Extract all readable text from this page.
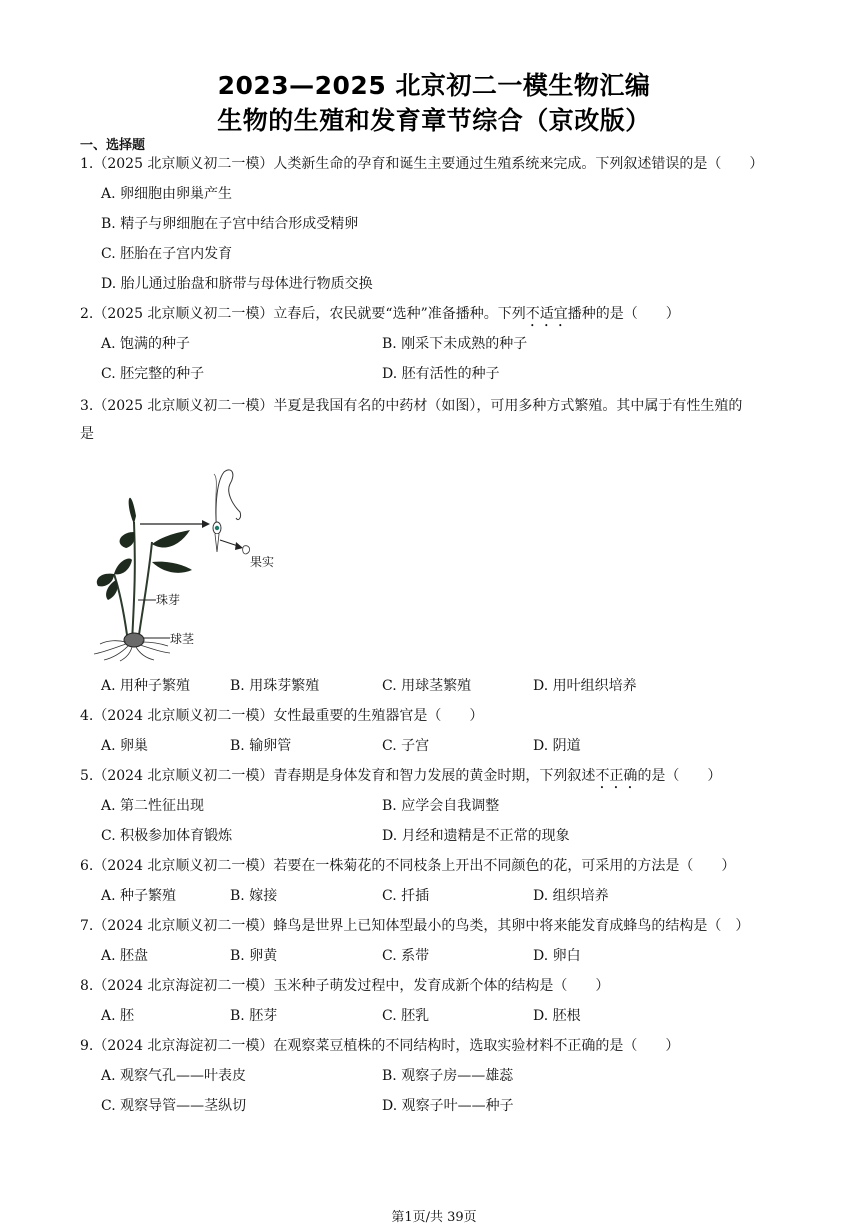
2023—2025 北京初二一模生物汇编
生物的生殖和发育章节综合（京改版）
一、选择题
1.（2025 北京顺义初二一模）人类新生命的孕育和诞生主要通过生殖系统来完成。下列叙述错误的是（　　）
A. 卵细胞由卵巢产生
B. 精子与卵细胞在子宫中结合形成受精卵
C. 胚胎在子宫内发育
D. 胎儿通过胎盘和脐带与母体进行物质交换
2.（2025 北京顺义初二一模）立春后，农民就要“选种”准备播种。下列不适宜播种的是（　　）
A. 饱满的种子	B. 刚采下未成熟的种子
C. 胚完整的种子	D. 胚有活性的种子
3.（2025 北京顺义初二一模）半夏是我国有名的中药材（如图），可用多种方式繁殖。其中属于有性生殖的
是
果实
珠芽
球茎
A. 用种子繁殖	B. 用珠芽繁殖	C. 用球茎繁殖	D. 用叶组织培养
4.（2024 北京顺义初二一模）女性最重要的生殖器官是（　　）
A. 卵巢	B. 输卵管	C. 子宫	D. 阴道
5.（2024 北京顺义初二一模）青春期是身体发育和智力发展的黄金时期，下列叙述不正确的是（　　）
A. 第二性征出现	B. 应学会自我调整
C. 积极参加体育锻炼	D. 月经和遗精是不正常的现象
6.（2024 北京顺义初二一模）若要在一株菊花的不同枝条上开出不同颜色的花，可采用的方法是（　　）
A. 种子繁殖	B. 嫁接	C. 扦插	D. 组织培养
7.（2024 北京顺义初二一模）蜂鸟是世界上已知体型最小的鸟类，其卵中将来能发育成蜂鸟的结构是（　）
A. 胚盘	B. 卵黄	C. 系带	D. 卵白
8.（2024 北京海淀初二一模）玉米种子萌发过程中，发育成新个体的结构是（　　）
A. 胚	B. 胚芽	C. 胚乳	D. 胚根
9.（2024 北京海淀初二一模）在观察菜豆植株的不同结构时，选取实验材料不正确的是（　　）
A. 观察气孔——叶表皮	B. 观察子房——雄蕊
C. 观察导管——茎纵切	D. 观察子叶——种子
第1页/共 39页
